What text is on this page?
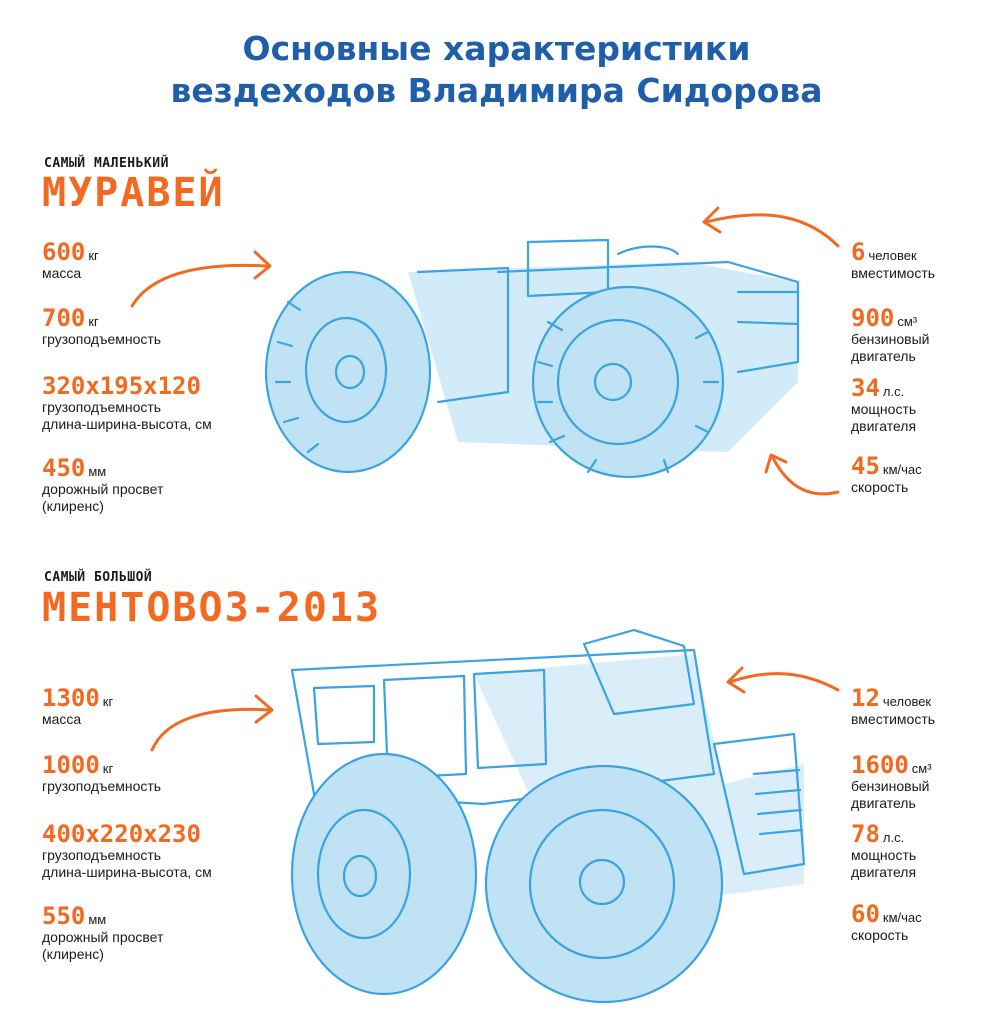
Основные характеристики
вездеходов Владимира Сидорова
САМЫЙ МАЛЕНЬКИЙ
МУРАВЕЙ
600 кг
масса
700 кг
грузоподъемность
320х195х120
грузоподъемность
длина-ширина-высота, см
450 мм
дорожный просвет
(клиренс)
6 человек
вместимость
900 см³
бензиновый
двигатель
34 л.с.
мощность
двигателя
45 км/час
скорость
САМЫЙ БОЛЬШОЙ
МЕНТОВОЗ-2013
1300 кг
масса
1000 кг
грузоподъемность
400х220х230
грузоподъемность
длина-ширина-высота, см
550 мм
дорожный просвет
(клиренс)
12 человек
вместимость
1600 см³
бензиновый
двигатель
78 л.с.
мощность
двигателя
60 км/час
скорость
